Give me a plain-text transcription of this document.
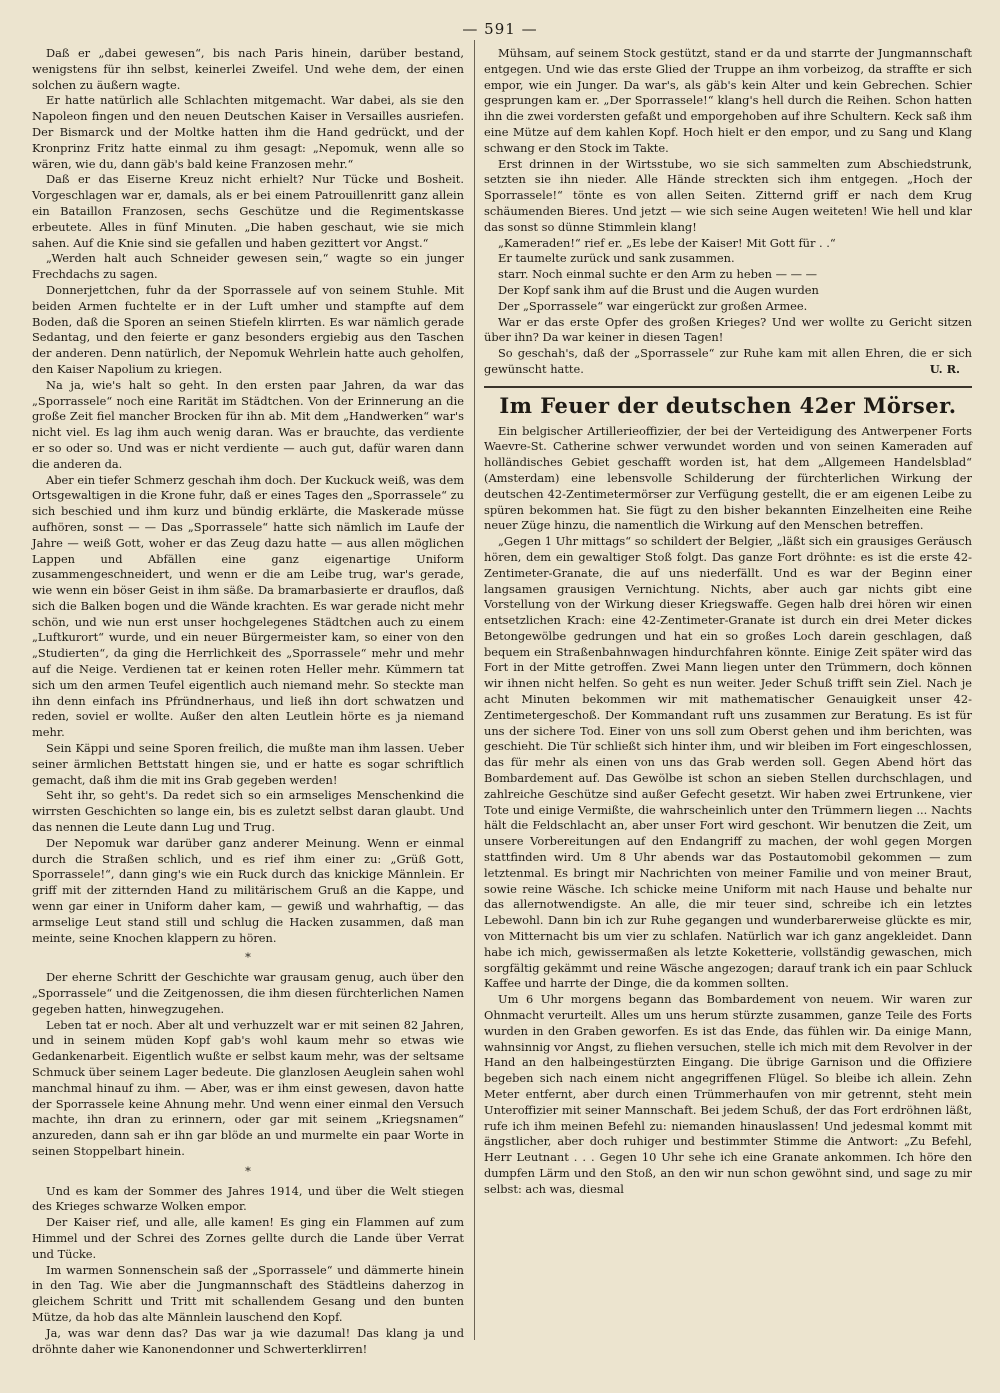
— 591 —

Daß er „dabei gewesen“, bis nach Paris hinein, darüber bestand, wenigstens für ihn selbst, keinerlei Zweifel. Und wehe dem, der einen solchen zu äußern wagte.

Er hatte natürlich alle Schlachten mitgemacht. War dabei, als sie den Napoleon fingen und den neuen Deutschen Kaiser in Versailles ausriefen. Der Bismarck und der Moltke hatten ihm die Hand gedrückt, und der Kronprinz Fritz hatte einmal zu ihm gesagt: „Nepomuk, wenn alle so wären, wie du, dann gäb's bald keine Franzosen mehr.“

Daß er das Eiserne Kreuz nicht erhielt? Nur Tücke und Bosheit. Vorgeschlagen war er, damals, als er bei einem Patrouillenritt ganz allein ein Bataillon Franzosen, sechs Geschütze und die Regimentskasse erbeutete. Alles in fünf Minuten. „Die haben geschaut, wie sie mich sahen. Auf die Knie sind sie gefallen und haben gezittert vor Angst.“

„Werden halt auch Schneider gewesen sein,“ wagte so ein junger Frechdachs zu sagen.

Donnerjettchen, fuhr da der Sporrassele auf von seinem Stuhle. Mit beiden Armen fuchtelte er in der Luft umher und stampfte auf dem Boden, daß die Sporen an seinen Stiefeln klirrten. Es war nämlich gerade Sedantag, und den feierte er ganz besonders ergiebig aus den Taschen der anderen. Denn natürlich, der Nepomuk Wehrlein hatte auch geholfen, den Kaiser Napolium zu kriegen.

Na ja, wie's halt so geht. In den ersten paar Jahren, da war das „Sporrassele“ noch eine Rarität im Städtchen. Von der Erinnerung an die große Zeit fiel mancher Brocken für ihn ab. Mit dem „Handwerken“ war's nicht viel. Es lag ihm auch wenig daran. Was er brauchte, das verdiente er so oder so. Und was er nicht verdiente — auch gut, dafür waren dann die anderen da.

Aber ein tiefer Schmerz geschah ihm doch. Der Kuckuck weiß, was dem Ortsgewaltigen in die Krone fuhr, daß er eines Tages den „Sporrassele“ zu sich beschied und ihm kurz und bündig erklärte, die Maskerade müsse aufhören, sonst — — Das „Sporrassele“ hatte sich nämlich im Laufe der Jahre — weiß Gott, woher er das Zeug dazu hatte — aus allen möglichen Lappen und Abfällen eine ganz eigenartige Uniform zusammengeschneidert, und wenn er die am Leibe trug, war's gerade, wie wenn ein böser Geist in ihm säße. Da bramarbasierte er drauflos, daß sich die Balken bogen und die Wände krachten. Es war gerade nicht mehr schön, und wie nun erst unser hochgelegenes Städtchen auch zu einem „Luftkurort“ wurde, und ein neuer Bürgermeister kam, so einer von den „Studierten“, da ging die Herrlichkeit des „Sporrassele“ mehr und mehr auf die Neige. Verdienen tat er keinen roten Heller mehr. Kümmern tat sich um den armen Teufel eigentlich auch niemand mehr. So steckte man ihn denn einfach ins Pfründnerhaus, und ließ ihn dort schwatzen und reden, soviel er wollte. Außer den alten Leutlein hörte es ja niemand mehr.

Sein Käppi und seine Sporen freilich, die mußte man ihm lassen. Ueber seiner ärmlichen Bettstatt hingen sie, und er hatte es sogar schriftlich gemacht, daß ihm die mit ins Grab gegeben werden!

Seht ihr, so geht's. Da redet sich so ein armseliges Menschenkind die wirrsten Geschichten so lange ein, bis es zuletzt selbst daran glaubt. Und das nennen die Leute dann Lug und Trug.

Der Nepomuk war darüber ganz anderer Meinung. Wenn er einmal durch die Straßen schlich, und es rief ihm einer zu: „Grüß Gott, Sporrassele!“, dann ging's wie ein Ruck durch das knickige Männlein. Er griff mit der zitternden Hand zu militärischem Gruß an die Kappe, und wenn gar einer in Uniform daher kam, — gewiß und wahrhaftig, — das armselige Leut stand still und schlug die Hacken zusammen, daß man meinte, seine Knochen klappern zu hören.

*

Der eherne Schritt der Geschichte war grausam genug, auch über den „Sporrassele“ und die Zeitgenossen, die ihm diesen fürchterlichen Namen gegeben hatten, hinwegzugehen.

Leben tat er noch. Aber alt und verhuzzelt war er mit seinen 82 Jahren, und in seinem müden Kopf gab's wohl kaum mehr so etwas wie Gedankenarbeit. Eigentlich wußte er selbst kaum mehr, was der seltsame Schmuck über seinem Lager bedeute. Die glanzlosen Aeuglein sahen wohl manchmal hinauf zu ihm. — Aber, was er ihm einst gewesen, davon hatte der Sporrassele keine Ahnung mehr. Und wenn einer einmal den Versuch machte, ihn dran zu erinnern, oder gar mit seinem „Kriegsnamen“ anzureden, dann sah er ihn gar blöde an und murmelte ein paar Worte in seinen Stoppelbart hinein.

*

Und es kam der Sommer des Jahres 1914, und über die Welt stiegen des Krieges schwarze Wolken empor.

Der Kaiser rief, und alle, alle kamen! Es ging ein Flammen auf zum Himmel und der Schrei des Zornes gellte durch die Lande über Verrat und Tücke.

Im warmen Sonnenschein saß der „Sporrassele“ und dämmerte hinein in den Tag. Wie aber die Jungmannschaft des Städtleins daherzog in gleichem Schritt und Tritt mit schallendem Gesang und den bunten Mütze, da hob das alte Männlein lauschend den Kopf.

Ja, was war denn das? Das war ja wie dazumal! Das klang ja und dröhnte daher wie Kanonendonner und Schwerterklirren!

Mühsam, auf seinem Stock gestützt, stand er da und starrte der Jungmannschaft entgegen. Und wie das erste Glied der Truppe an ihm vorbeizog, da straffte er sich empor, wie ein Junger. Da war's, als gäb's kein Alter und kein Gebrechen. Schier gesprungen kam er. „Der Sporrassele!“ klang's hell durch die Reihen. Schon hatten ihn die zwei vordersten gefaßt und emporgehoben auf ihre Schultern. Keck saß ihm eine Mütze auf dem kahlen Kopf. Hoch hielt er den empor, und zu Sang und Klang schwang er den Stock im Takte.

Erst drinnen in der Wirtsstube, wo sie sich sammelten zum Abschiedstrunk, setzten sie ihn nieder. Alle Hände streckten sich ihm entgegen. „Hoch der Sporrassele!“ tönte es von allen Seiten. Zitternd griff er nach dem Krug schäumenden Bieres. Und jetzt — wie sich seine Augen weiteten! Wie hell und klar das sonst so dünne Stimmlein klang!

„Kameraden!“ rief er. „Es lebe der Kaiser! Mit Gott für . .“

Er taumelte zurück und sank zusammen.

starr. Noch einmal suchte er den Arm zu heben — — —

Der Kopf sank ihm auf die Brust und die Augen wurden

Der „Sporrassele“ war eingerückt zur großen Armee.

War er das erste Opfer des großen Krieges? Und wer wollte zu Gericht sitzen über ihn? Da war keiner in diesen Tagen!

So geschah's, daß der „Sporrassele“ zur Ruhe kam mit allen Ehren, die er sich gewünscht hatte.	U. R.

Im Feuer der deutschen 42er Mörser.

Ein belgischer Artillerieoffizier, der bei der Verteidigung des Antwerpener Forts Waevre-St. Catherine schwer verwundet worden und von seinen Kameraden auf holländisches Gebiet geschafft worden ist, hat dem „Allgemeen Handelsblad“ (Amsterdam) eine lebensvolle Schilderung der fürchterlichen Wirkung der deutschen 42-Zentimetermörser zur Verfügung gestellt, die er am eigenen Leibe zu spüren bekommen hat. Sie fügt zu den bisher bekannten Einzelheiten eine Reihe neuer Züge hinzu, die namentlich die Wirkung auf den Menschen betreffen.

„Gegen 1 Uhr mittags“ so schildert der Belgier, „läßt sich ein grausiges Geräusch hören, dem ein gewaltiger Stoß folgt. Das ganze Fort dröhnte: es ist die erste 42-Zentimeter-Granate, die auf uns niederfällt. Und es war der Beginn einer langsamen grausigen Vernichtung. Nichts, aber auch gar nichts gibt eine Vorstellung von der Wirkung dieser Kriegswaffe. Gegen halb drei hören wir einen entsetzlichen Krach: eine 42-Zentimeter-Granate ist durch ein drei Meter dickes Betongewölbe gedrungen und hat ein so großes Loch darein geschlagen, daß bequem ein Straßenbahnwagen hindurchfahren könnte. Einige Zeit später wird das Fort in der Mitte getroffen. Zwei Mann liegen unter den Trümmern, doch können wir ihnen nicht helfen. So geht es nun weiter. Jeder Schuß trifft sein Ziel. Nach je acht Minuten bekommen wir mit mathematischer Genauigkeit unser 42-Zentimetergeschoß. Der Kommandant ruft uns zusammen zur Beratung. Es ist für uns der sichere Tod. Einer von uns soll zum Oberst gehen und ihm berichten, was geschieht. Die Tür schließt sich hinter ihm, und wir bleiben im Fort eingeschlossen, das für mehr als einen von uns das Grab werden soll. Gegen Abend hört das Bombardement auf. Das Gewölbe ist schon an sieben Stellen durchschlagen, und zahlreiche Geschütze sind außer Gefecht gesetzt. Wir haben zwei Ertrunkene, vier Tote und einige Vermißte, die wahrscheinlich unter den Trümmern liegen ... Nachts hält die Feldschlacht an, aber unser Fort wird geschont. Wir benutzen die Zeit, um unsere Vorbereitungen auf den Endangriff zu machen, der wohl gegen Morgen stattfinden wird. Um 8 Uhr abends war das Postautomobil gekommen — zum letztenmal. Es bringt mir Nachrichten von meiner Familie und von meiner Braut, sowie reine Wäsche. Ich schicke meine Uniform mit nach Hause und behalte nur das allernotwendigste. An alle, die mir teuer sind, schreibe ich ein letztes Lebewohl. Dann bin ich zur Ruhe gegangen und wunderbarerweise glückte es mir, von Mitternacht bis um vier zu schlafen. Natürlich war ich ganz angekleidet. Dann habe ich mich, gewissermaßen als letzte Koketterie, vollständig gewaschen, mich sorgfältig gekämmt und reine Wäsche angezogen; darauf trank ich ein paar Schluck Kaffee und harrte der Dinge, die da kommen sollten.

Um 6 Uhr morgens begann das Bombardement von neuem. Wir waren zur Ohnmacht verurteilt. Alles um uns herum stürzte zusammen, ganze Teile des Forts wurden in den Graben geworfen. Es ist das Ende, das fühlen wir. Da einige Mann, wahnsinnig vor Angst, zu fliehen versuchen, stelle ich mich mit dem Revolver in der Hand an den halbeingestürzten Eingang. Die übrige Garnison und die Offiziere begeben sich nach einem nicht angegriffenen Flügel. So bleibe ich allein. Zehn Meter entfernt, aber durch einen Trümmerhaufen von mir getrennt, steht mein Unteroffizier mit seiner Mannschaft. Bei jedem Schuß, der das Fort erdröhnen läßt, rufe ich ihm meinen Befehl zu: niemanden hinauslassen! Und jedesmal kommt mit ängstlicher, aber doch ruhiger und bestimmter Stimme die Antwort: „Zu Befehl, Herr Leutnant . . . Gegen 10 Uhr sehe ich eine Granate ankommen. Ich höre den dumpfen Lärm und den Stoß, an den wir nun schon gewöhnt sind, und sage zu mir selbst: ach was, diesmal
